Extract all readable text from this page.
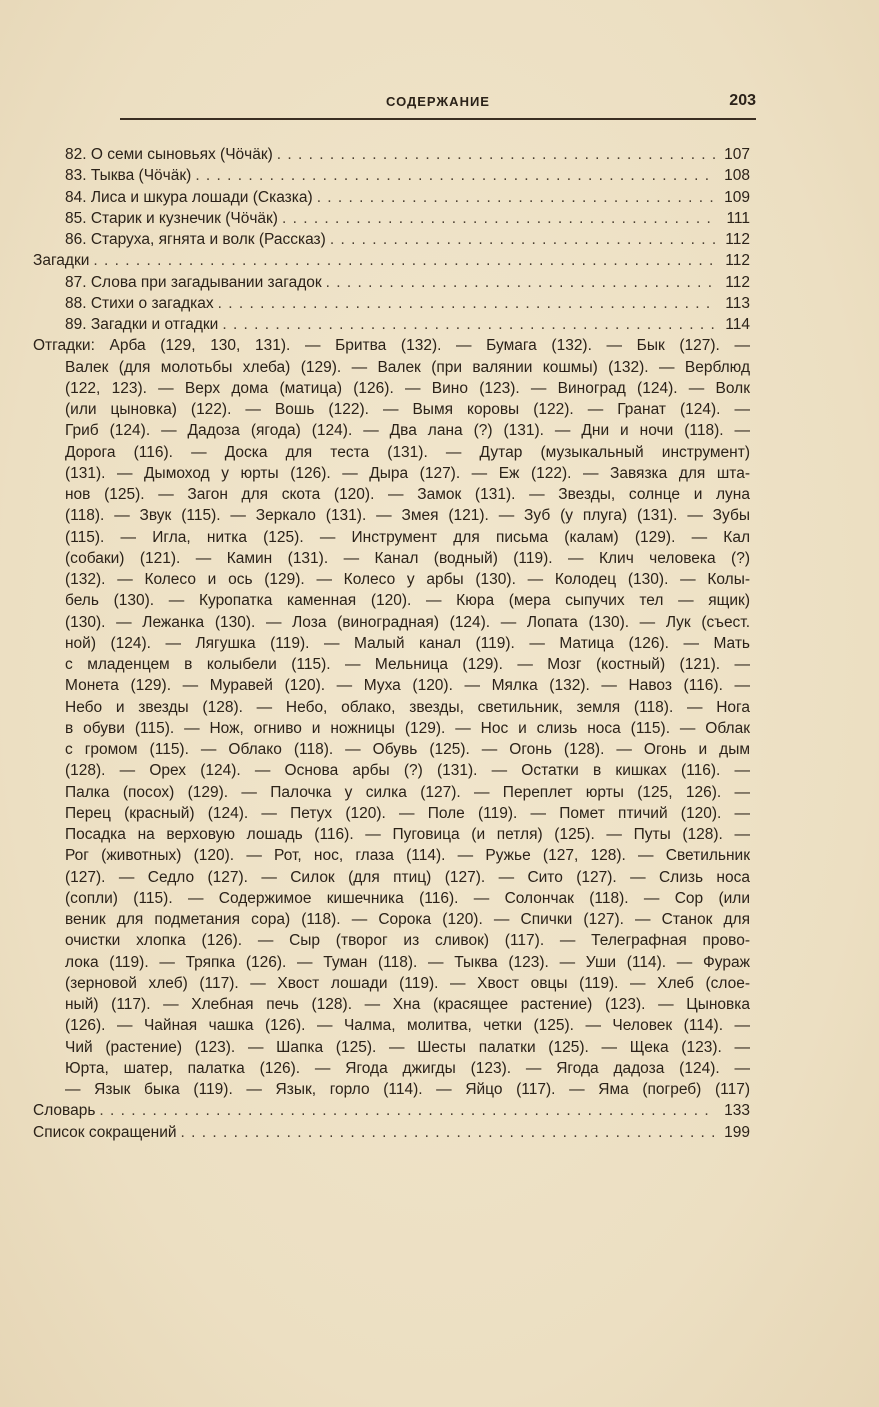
СОДЕРЖАНИЕ	203
82. О семи сыновьях (Чӧчӓк) . . .	107
83. Тыква (Чӧчӓк) . . .	108
84. Лиса и шкура лошади (Сказка) . . .	109
85. Старик и кузнечик (Чӧчӓк) . . .	111
86. Старуха, ягнята и волк (Рассказ) . . .	112
Загадки . . .	112
87. Слова при загадывании загадок . . .	112
88. Стихи о загадках . . .	113
89. Загадки и отгадки . . .	114
Отгадки: Арба (129, 130, 131). — Бритва (132). — Бумага (132). — Бык (127). —
Валек (для молотьбы хлеба) (129). — Валек (при валянии кошмы) (132). — Верблюд
(122, 123). — Верх дома (матица) (126). — Вино (123). — Виноград (124). — Волк
(или цыновка) (122). — Вошь (122). — Вымя коровы (122). — Гранат (124). —
Гриб (124). — Дадоза (ягода) (124). — Два лана (?) (131). — Дни и ночи (118). —
Дорога (116). — Доска для теста (131). — Дутар (музыкальный инструмент)
(131). — Дымоход у юрты (126). — Дыра (127). — Еж (122). — Завязка для шта-
нов (125). — Загон для скота (120). — Замок (131). — Звезды, солнце и луна
(118). — Звук (115). — Зеркало (131). — Змея (121). — Зуб (у плуга) (131). — Зубы
(115). — Игла, нитка (125). — Инструмент для письма (калам) (129). — Кал
(собаки) (121). — Камин (131). — Канал (водный) (119). — Клич человека (?)
(132). — Колесо и ось (129). — Колесо у арбы (130). — Колодец (130). — Колы-
бель (130). — Куропатка каменная (120). — Кюра (мера сыпучих тел — ящик)
(130). — Лежанка (130). — Лоза (виноградная) (124). — Лопата (130). — Лук (съест.
ной) (124). — Лягушка (119). — Малый канал (119). — Матица (126). — Мать
с младенцем в колыбели (115). — Мельница (129). — Мозг (костный) (121). —
Монета (129). — Муравей (120). — Муха (120). — Мялка (132). — Навоз (116). —
Небо и звезды (128). — Небо, облако, звезды, светильник, земля (118). — Нога
в обуви (115). — Нож, огниво и ножницы (129). — Нос и слизь носа (115). — Облак
с громом (115). — Облако (118). — Обувь (125). — Огонь (128). — Огонь и дым
(128). — Орех (124). — Основа арбы (?) (131). — Остатки в кишках (116). —
Палка (посох) (129). — Палочка у силка (127). — Переплет юрты (125, 126). —
Перец (красный) (124). — Петух (120). — Поле (119). — Помет птичий (120). —
Посадка на верховую лошадь (116). — Пуговица (и петля) (125). — Путы (128). —
Рог (животных) (120). — Рот, нос, глаза (114). — Ружье (127, 128). — Светильник
(127). — Седло (127). — Силок (для птиц) (127). — Сито (127). — Слизь носа
(сопли) (115). — Содержимое кишечника (116). — Солончак (118). — Сор (или
веник для подметания сора) (118). — Сорока (120). — Спички (127). — Станок для
очистки хлопка (126). — Сыр (творог из сливок) (117). — Телеграфная прово-
лока (119). — Тряпка (126). — Туман (118). — Тыква (123). — Уши (114). — Фураж
(зерновой хлеб) (117). — Хвост лошади (119). — Хвост овцы (119). — Хлеб (слое-
ный) (117). — Хлебная печь (128). — Хна (красящее растение) (123). — Цыновка
(126). — Чайная чашка (126). — Чалма, молитва, четки (125). — Человек (114). —
Чий (растение) (123). — Шапка (125). — Шесты палатки (125). — Щека (123). —
Юрта, шатер, палатка (126). — Ягода джигды (123). — Ягода дадоза (124). —
— Язык быка (119). — Язык, горло (114). — Яйцо (117). — Яма (погреб) (117)
Словарь . . .	133
Список сокращений . . .	199
